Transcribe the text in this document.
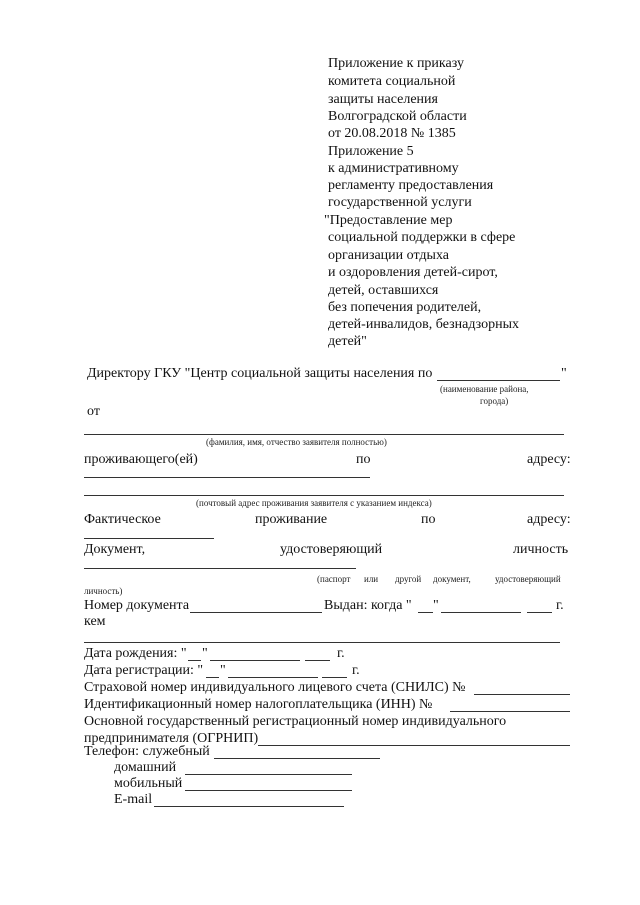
Приложение к приказу
комитета социальной
защиты населения
Волгоградской области
от 20.08.2018 № 1385
Приложение 5
к административному
регламенту предоставления
государственной услуги
"Предоставление мер
социальной поддержки в сфере
организации отдыха
и оздоровления детей-сирот,
детей, оставшихся
без попечения родителей,
детей-инвалидов, безнадзорных
детей"
Директору ГКУ "Центр социальной защиты населения по	"
(наименование района,
города)
от
(фамилия, имя, отчество заявителя полностью)
проживающего(ей)	по	адресу:
(почтовый адрес проживания заявителя с указанием индекса)
Фактическое	проживание	по	адресу:
Документ,	удостоверяющий	личность
(паспорт или другой документ,	удостоверяющий
личность)
Номер документа	Выдан: когда " "	г.
кем
Дата рождения: " "	г.
Дата регистрации: " "	г.
Страховой номер индивидуального лицевого счета (СНИЛС) №
Идентификационный номер налогоплательщика (ИНН) №
Основной государственный регистрационный номер индивидуального
предпринимателя (ОГРНИП)
Телефон: служебный
домашний
мобильный
E-mail
